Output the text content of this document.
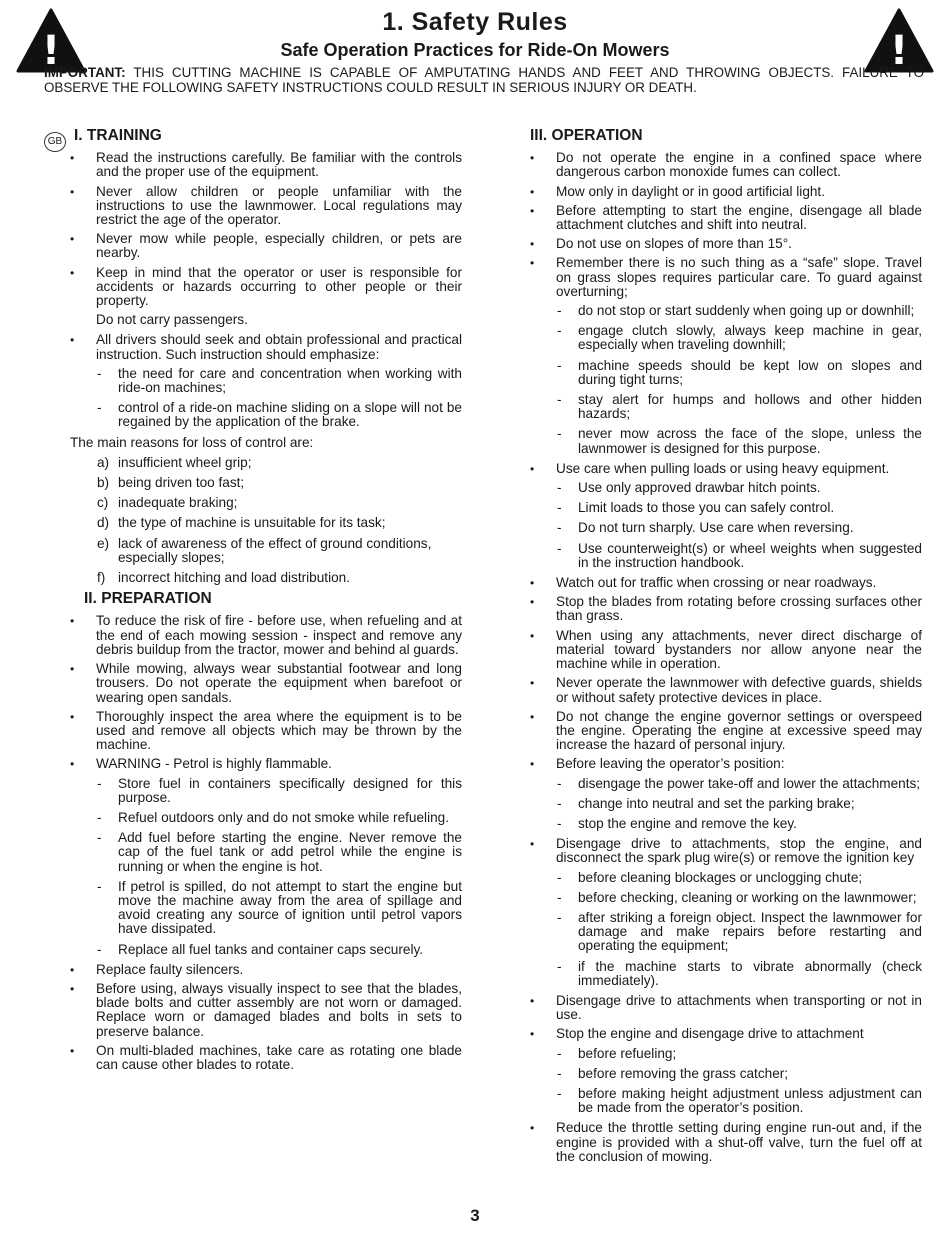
!	!
1. Safety Rules
Safe Operation Practices for Ride-On Mowers

IMPORTANT: THIS CUTTING MACHINE IS CAPABLE OF AMPUTATING HANDS AND FEET AND THROWING OBJECTS. FAILURE TO OBSERVE THE FOLLOWING SAFETY INSTRUCTIONS COULD RESULT IN SERIOUS INJURY OR DEATH.

GB I. TRAINING

• Read the instructions carefully. Be familiar with the controls and the proper use of the equipment.

• Never allow children or people unfamiliar with the instructions to use the lawnmower. Local regulations may restrict the age of the operator.

• Never mow while people, especially children, or pets are nearby.

• Keep in mind that the operator or user is responsible for accidents or hazards occurring to other people or their property.

Do not carry passengers.

• All drivers should seek and obtain professional and practical instruction. Such instruction should emphasize:

- the need for care and concentration when working with ride-on machines;

- control of a ride-on machine sliding on a slope will not be regained by the application of the brake.

The main reasons for loss of control are:

a) insufficient wheel grip;

b) being driven too fast;

c) inadequate braking;

d) the type of machine is unsuitable for its task;

e) lack of awareness of the effect of ground conditions, especially slopes;

f) incorrect hitching and load distribution.

II. PREPARATION

• To reduce the risk of fire - before use, when refueling and at the end of each mowing session - inspect and remove any debris buildup from the tractor, mower and behind al guards.

• While mowing, always wear substantial footwear and long trousers. Do not operate the equipment when barefoot or wearing open sandals.

• Thoroughly inspect the area where the equipment is to be used and remove all objects which may be thrown by the machine.

• WARNING - Petrol is highly flammable.

- Store fuel in containers specifically designed for this purpose.

- Refuel outdoors only and do not smoke while refueling.

- Add fuel before starting the engine. Never remove the cap of the fuel tank or add petrol while the engine is running or when the engine is hot.

- If petrol is spilled, do not attempt to start the engine but move the machine away from the area of spillage and avoid creating any source of ignition until petrol vapors have dissipated.

- Replace all fuel tanks and container caps securely.

• Replace faulty silencers.

• Before using, always visually inspect to see that the blades, blade bolts and cutter assembly are not worn or damaged. Replace worn or damaged blades and bolts in sets to preserve balance.

• On multi-bladed machines, take care as rotating one blade can cause other blades to rotate.

III. OPERATION

• Do not operate the engine in a confined space where dangerous carbon monoxide fumes can collect.

• Mow only in daylight or in good artificial light.

• Before attempting to start the engine, disengage all blade attachment clutches and shift into neutral.

• Do not use on slopes of more than 15°.

• Remember there is no such thing as a “safe” slope. Travel on grass slopes requires particular care. To guard against overturning;

- do not stop or start suddenly when going up or downhill;

- engage clutch slowly, always keep machine in gear, especially when traveling downhill;

- machine speeds should be kept low on slopes and during tight turns;

- stay alert for humps and hollows and other hidden hazards;

- never mow across the face of the slope, unless the lawnmower is designed for this purpose.

• Use care when pulling loads or using heavy equipment.

- Use only approved drawbar hitch points.

- Limit loads to those you can safely control.

- Do not turn sharply. Use care when reversing.

- Use counterweight(s) or wheel weights when suggested in the instruction handbook.

• Watch out for traffic when crossing or near roadways.

• Stop the blades from rotating before crossing surfaces other than grass.

• When using any attachments, never direct discharge of material toward bystanders nor allow anyone near the machine while in operation.

• Never operate the lawnmower with defective guards, shields or without safety protective devices in place.

• Do not change the engine governor settings or overspeed the engine. Operating the engine at excessive speed may increase the hazard of personal injury.

• Before leaving the operator’s position:

- disengage the power take-off and lower the attachments;

- change into neutral and set the parking brake;

- stop the engine and remove the key.

• Disengage drive to attachments, stop the engine, and disconnect the spark plug wire(s) or remove the ignition key

- before cleaning blockages or unclogging chute;

- before checking, cleaning or working on the lawnmower;

- after striking a foreign object. Inspect the lawnmower for damage and make repairs before restarting and operating the equipment;

- if the machine starts to vibrate abnormally (check immediately).

• Disengage drive to attachments when transporting or not in use.

• Stop the engine and disengage drive to attachment

- before refueling;

- before removing the grass catcher;

- before making height adjustment unless adjustment can be made from the operator’s position.

• Reduce the throttle setting during engine run-out and, if the engine is provided with a shut-off valve, turn the fuel off at the conclusion of mowing.

3
